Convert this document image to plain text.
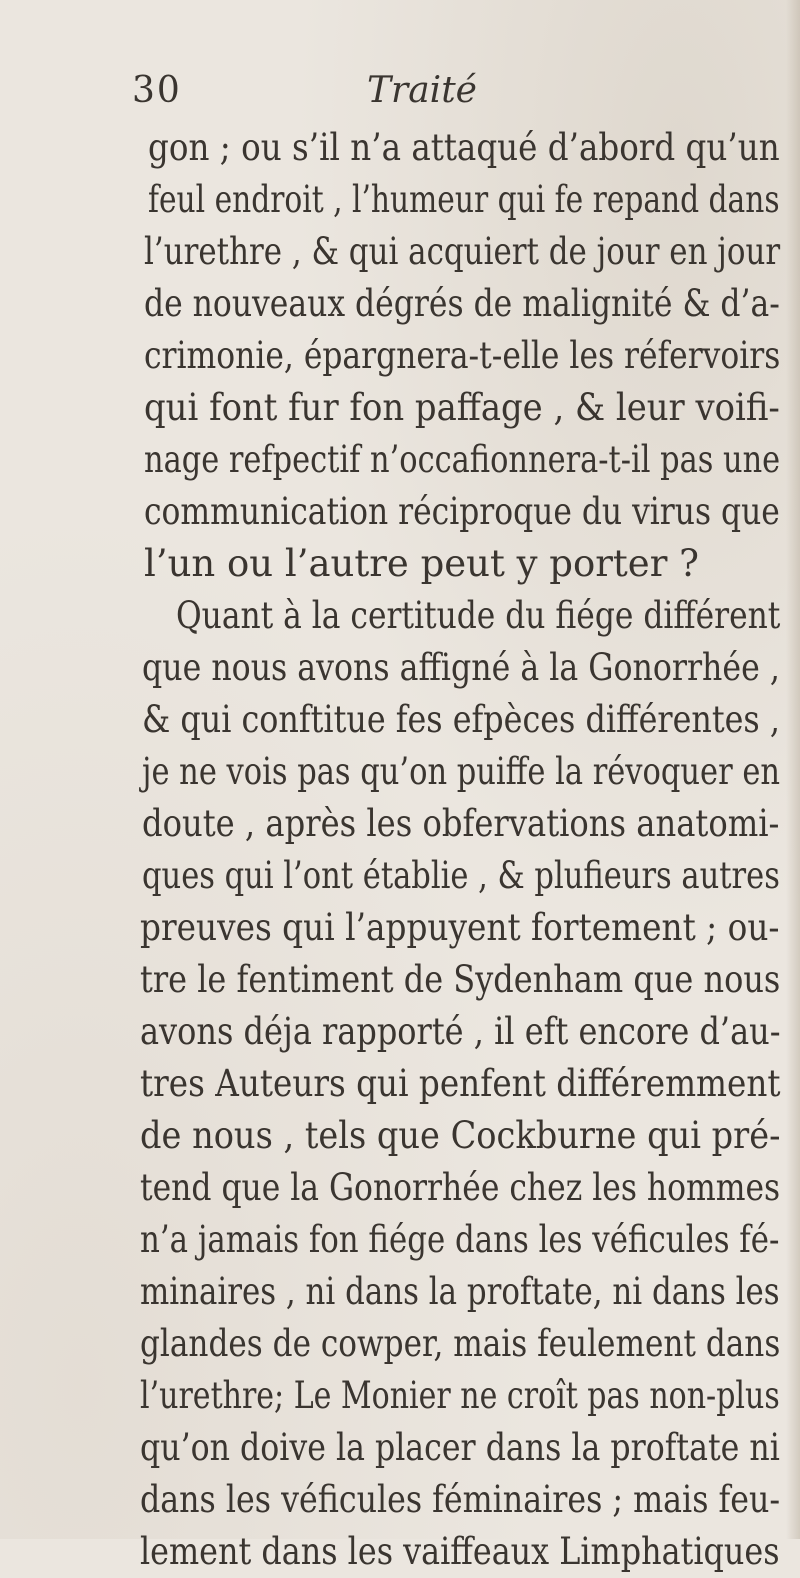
30	Traité
gon ; ou s’il n’a attaqué d’abord qu’un
feul endroit , l’humeur qui fe repand dans
l’urethre , & qui acquiert de jour en jour
de nouveaux dégrés de malignité & d’a-
crimonie, épargnera-t-elle les réfervoirs
qui font fur fon paffage , & leur voifi-
nage refpectif n’occafionnera-t-il pas une
communication réciproque du virus que
l’un ou l’autre peut y porter ?
Quant à la certitude du fiége différent
que nous avons affigné à la Gonorrhée ,
& qui conftitue fes efpèces différentes ,
je ne vois pas qu’on puiffe la révoquer en
doute , après les obfervations anatomi-
ques qui l’ont établie , & plufieurs autres
preuves qui l’appuyent fortement ; ou-
tre le fentiment de Sydenham que nous
avons déja rapporté , il eft encore d’au-
tres Auteurs qui penfent différemment
de nous , tels que Cockburne qui pré-
tend que la Gonorrhée chez les hommes
n’a jamais fon fiége dans les véficules fé-
minaires , ni dans la proftate, ni dans les
glandes de cowper, mais feulement dans
l’urethre; Le Monier ne croît pas non-plus
qu’on doive la placer dans la proftate ni
dans les véficules féminaires ; mais feu-
lement dans les vaiffeaux Limphatiques
